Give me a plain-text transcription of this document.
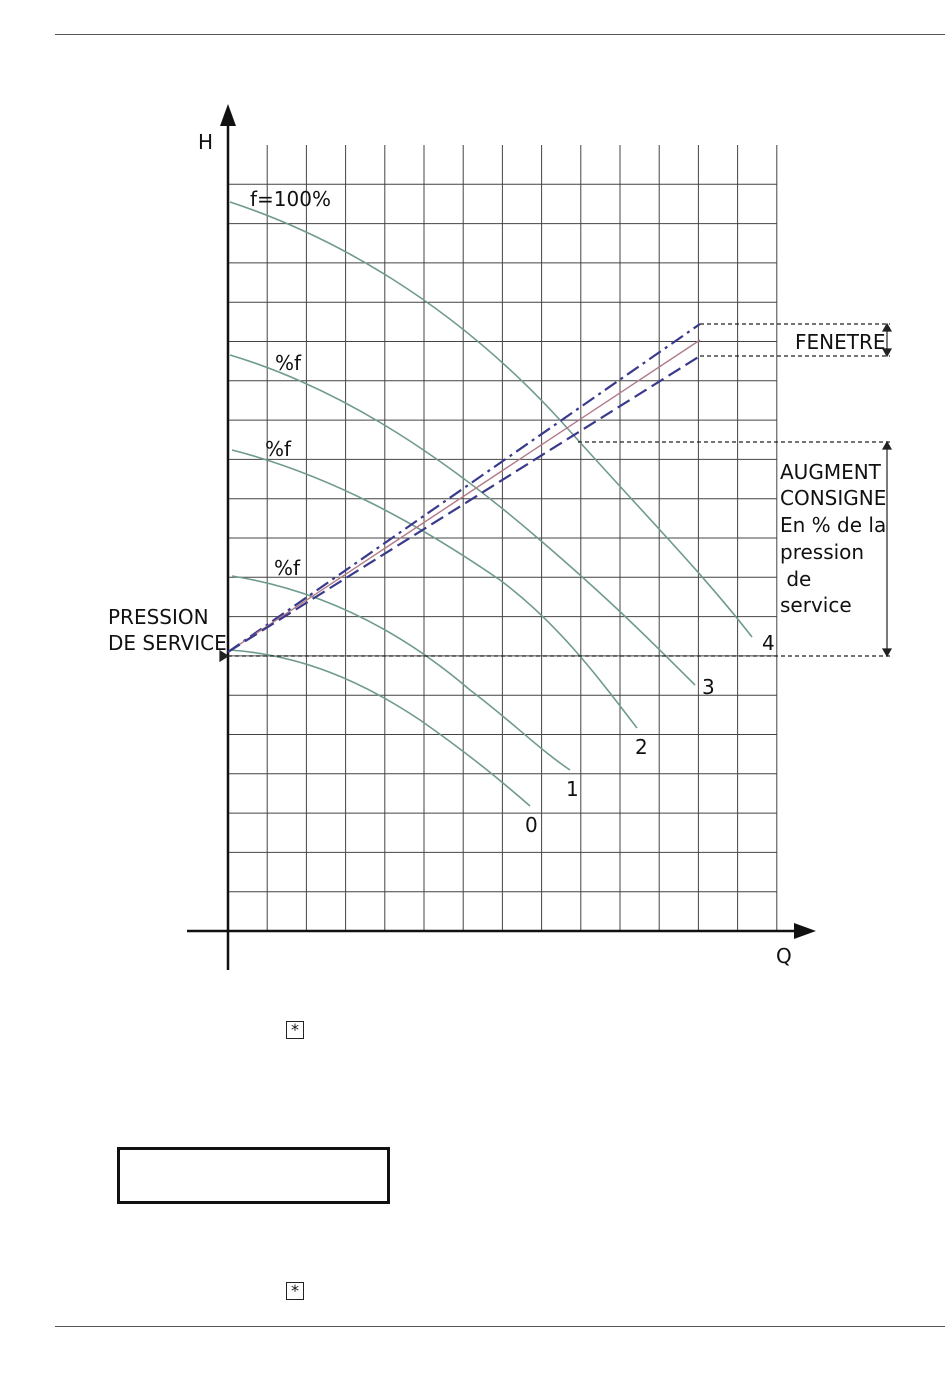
H
Q
f=100%
%f
%f
%f
0
1
2
3
4
PRESSION
DE SERVICE
FENETRE
AUGMENT
CONSIGNE
En % de la
pression
de
service
*
*
